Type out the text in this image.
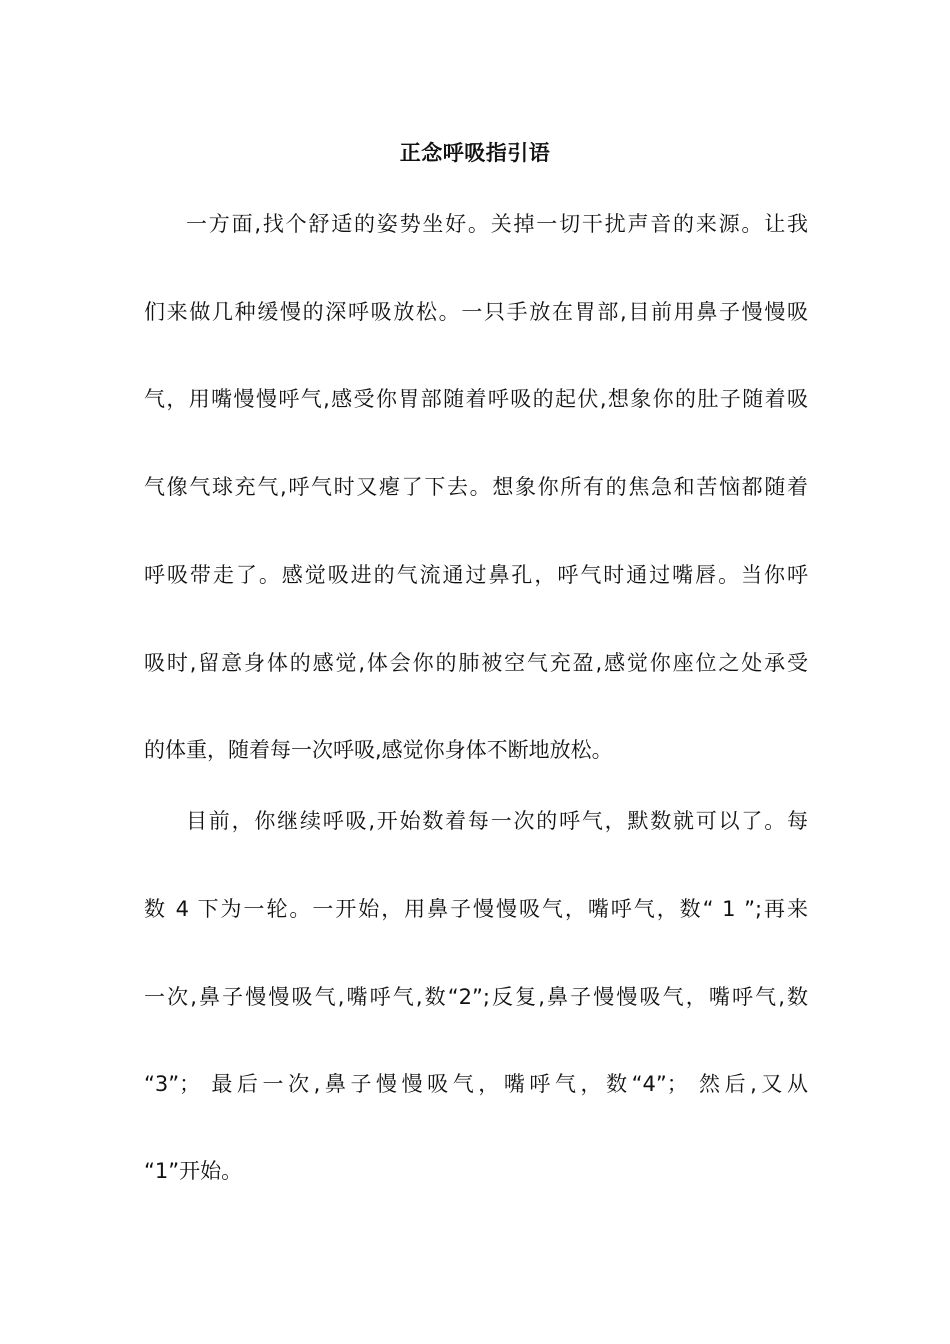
正念呼吸指引语
一方面,找个舒适的姿势坐好。关掉一切干扰声音的来源。让我
们来做几种缓慢的深呼吸放松。一只手放在胃部,目前用鼻子慢慢吸
气，用嘴慢慢呼气,感受你胃部随着呼吸的起伏,想象你的肚子随着吸
气像气球充气,呼气时又瘪了下去。想象你所有的焦急和苦恼都随着
呼吸带走了。感觉吸进的气流通过鼻孔，呼气时通过嘴唇。当你呼
吸时,留意身体的感觉,体会你的肺被空气充盈,感觉你座位之处承受
的体重，随着每一次呼吸,感觉你身体不断地放松。
目前，你继续呼吸,开始数着每一次的呼气，默数就可以了。每
数 4 下为一轮。一开始，用鼻子慢慢吸气，嘴呼气，数“ 1 ”;再来
一次,鼻子慢慢吸气,嘴呼气,数“2”;反复,鼻子慢慢吸气，嘴呼气,数
“3”； 最后一次,鼻子慢慢吸气，嘴呼气，数“4”； 然后,又从
“1”开始。
